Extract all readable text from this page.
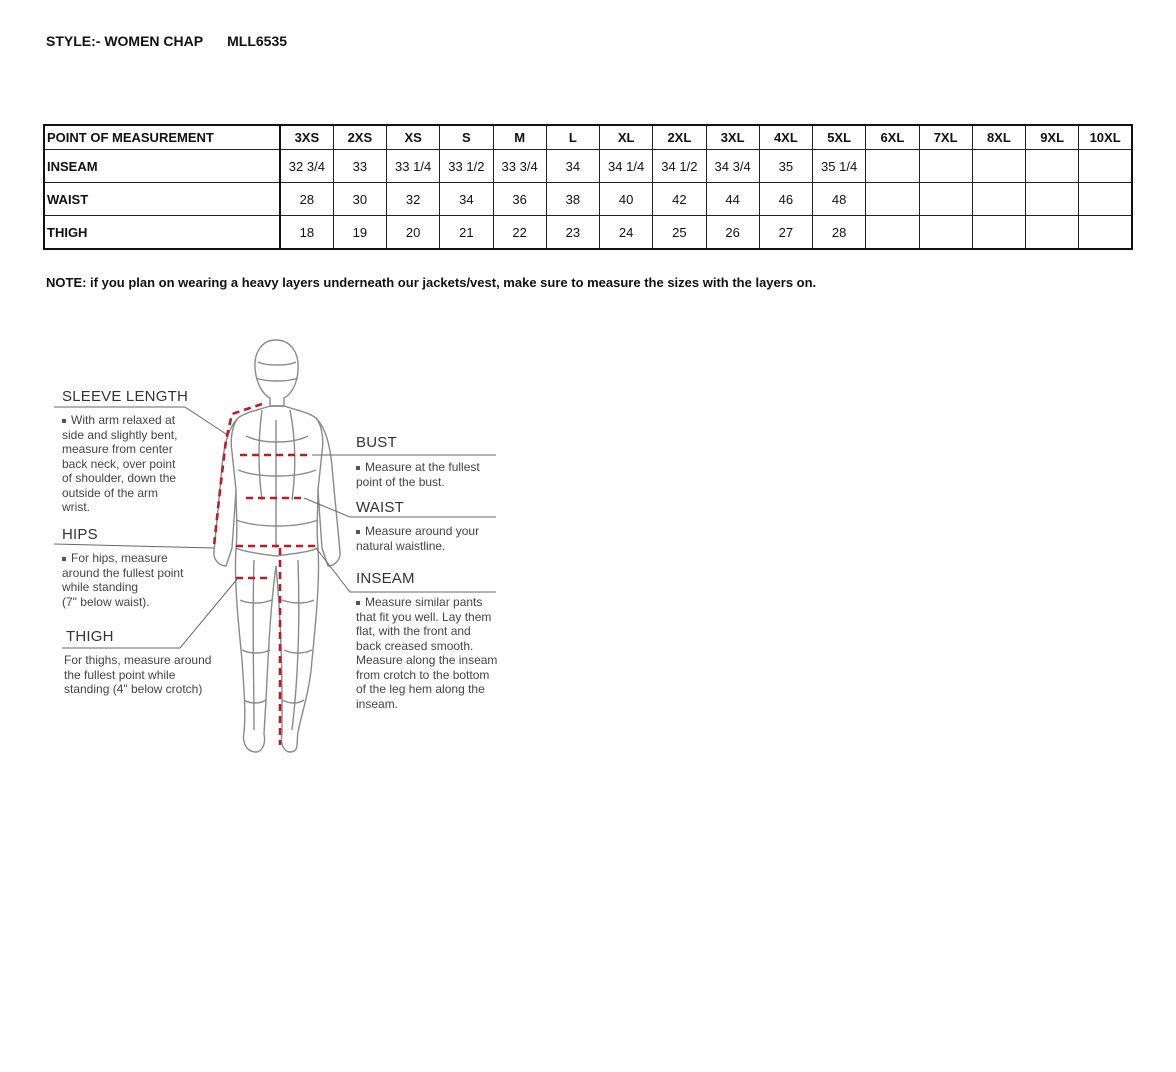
STYLE:- WOMEN CHAP MLL6535
POINT OF MEASUREMENT	3XS	2XS	XS	S	M	L	XL	2XL	3XL	4XL	5XL	6XL	7XL	8XL	9XL	10XL
INSEAM	32 3/4	33	33 1/4	33 1/2	33 3/4	34	34 1/4	34 1/2	34 3/4	35	35 1/4					
WAIST	28	30	32	34	36	38	40	42	44	46	48					
THIGH	18	19	20	21	22	23	24	25	26	27	28					
NOTE: if you plan on wearing a heavy layers underneath our jackets/vest, make sure to measure the sizes with the layers on.
SLEEVE LENGTH
With arm relaxed at
side and slightly bent,
measure from center
back neck, over point
of shoulder, down the
outside of the arm
wrist.
HIPS
For hips, measure
around the fullest point
while standing
(7" below waist).
THIGH
For thighs, measure around
the fullest point while
standing (4" below crotch)
BUST
Measure at the fullest
point of the bust.
WAIST
Measure around your
natural waistline.
INSEAM
Measure similar pants
that fit you well. Lay them
flat, with the front and
back creased smooth.
Measure along the inseam
from crotch to the bottom
of the leg hem along the
inseam.
